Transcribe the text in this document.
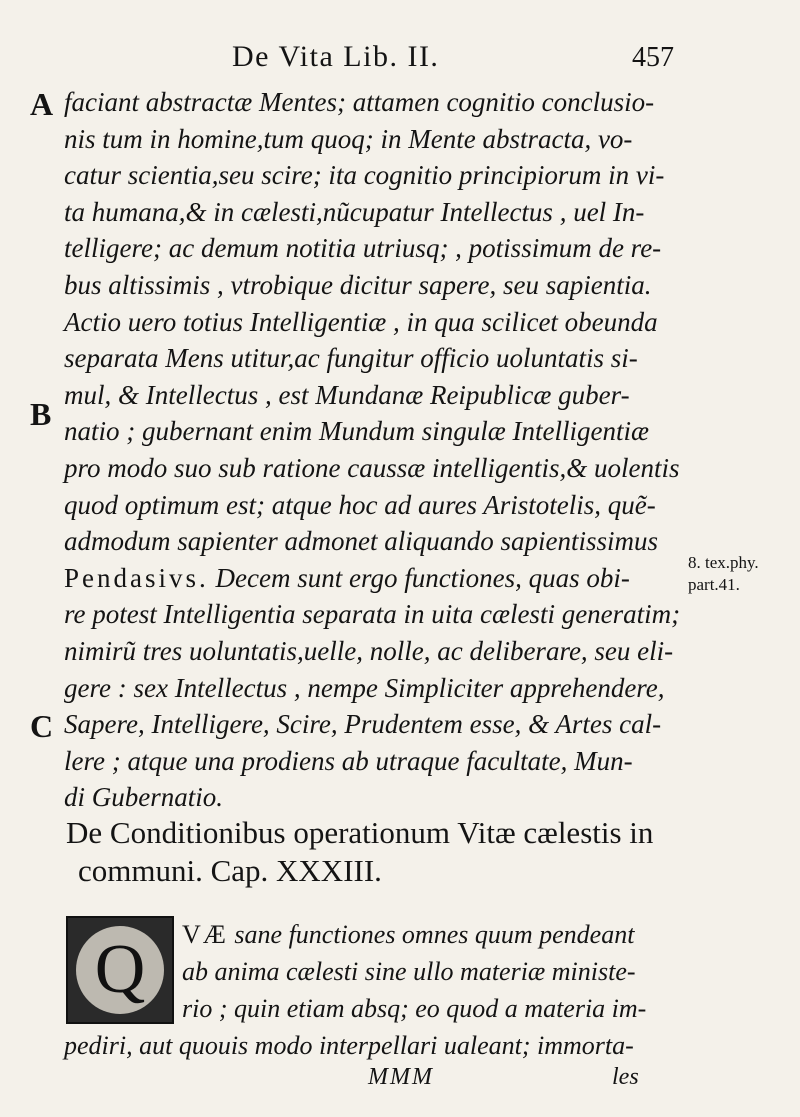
De Vita Lib. II.	457
A
B
C
faciant abstractæ Mentes; attamen cognitio conclusio-
nis tum in homine,tum quoq; in Mente abstracta, vo-
catur scientia,seu scire; ita cognitio principiorum in vi-
ta humana,& in cælesti,nũcupatur Intellectus , uel In-
telligere; ac demum notitia utriusq; , potissimum de re-
bus altissimis , vtrobique dicitur sapere, seu sapientia.
Actio uero totius Intelligentiæ , in qua scilicet obeunda
separata Mens utitur,ac fungitur officio uoluntatis si-
mul, & Intellectus , est Mundanæ Reipublicæ guber-
natio ; gubernant enim Mundum singulæ Intelligentiæ
pro modo suo sub ratione caussæ intelligentis,& uolentis
quod optimum est; atque hoc ad aures Aristotelis, quẽ-
admodum sapienter admonet aliquando sapientissimus
Pendasivs. Decem sunt ergo functiones, quas obi-
re potest Intelligentia separata in uita cælesti generatim;
nimirũ tres uoluntatis,uelle, nolle, ac deliberare, seu eli-
gere : sex Intellectus , nempe Simpliciter apprehendere,
Sapere, Intelligere, Scire, Prudentem esse, & Artes cal-
lere ; atque una prodiens ab utraque facultate, Mun-
di Gubernatio.
8. tex.phy.
part.41.
De Conditionibus operationum Vitæ cælestis in
communi. Cap. XXXIII.
Q	VÆ sane functiones omnes quum pendeant
ab anima cælesti sine ullo materiæ ministe-
rio ; quin etiam absq; eo quod a materia im-
pediri, aut quouis modo interpellari ualeant; immorta-
MMM	les
